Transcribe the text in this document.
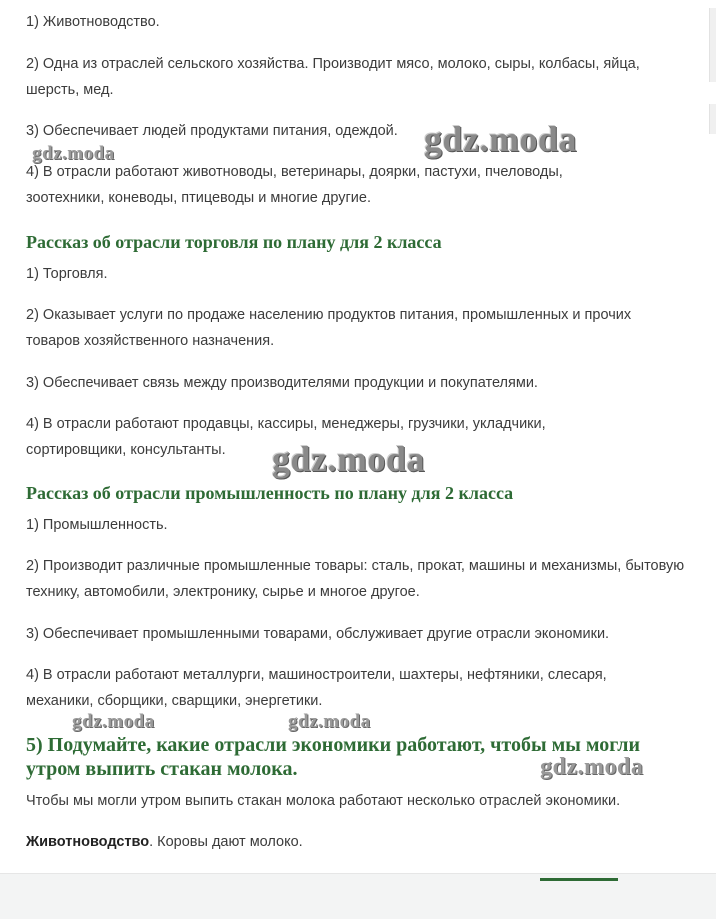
1) Животноводство.

2) Одна из отраслей сельского хозяйства. Производит мясо, молоко, сыры, колбасы, яйца, шерсть, мед.

3) Обеспечивает людей продуктами питания, одеждой.

4) В отрасли работают животноводы, ветеринары, доярки, пастухи, пчеловоды, зоотехники, коневоды, птицеводы и многие другие.

Рассказ об отрасли торговля по плану для 2 класса

1) Торговля.

2) Оказывает услуги по продаже населению продуктов питания, промышленных и прочих товаров хозяйственного назначения.

3) Обеспечивает связь между производителями продукции и покупателями.

4) В отрасли работают продавцы, кассиры, менеджеры, грузчики, укладчики, сортировщики, консультанты.

Рассказ об отрасли промышленность по плану для 2 класса

1) Промышленность.

2) Производит различные промышленные товары: сталь, прокат, машины и механизмы, бытовую технику, автомобили, электронику, сырье и многое другое.

3) Обеспечивает промышленными товарами, обслуживает другие отрасли экономики.

4) В отрасли работают металлурги, машиностроители, шахтеры, нефтяники, слесаря, механики, сборщики, сварщики, энергетики.

5) Подумайте, какие отрасли экономики работают, чтобы мы могли утром выпить стакан молока.

Чтобы мы могли утром выпить стакан молока работают несколько отраслей экономики.

Животноводство. Коровы дают молоко.

gdz.moda
gdz.moda
gdz.moda
gdz.moda	gdz.moda
gdz.moda
